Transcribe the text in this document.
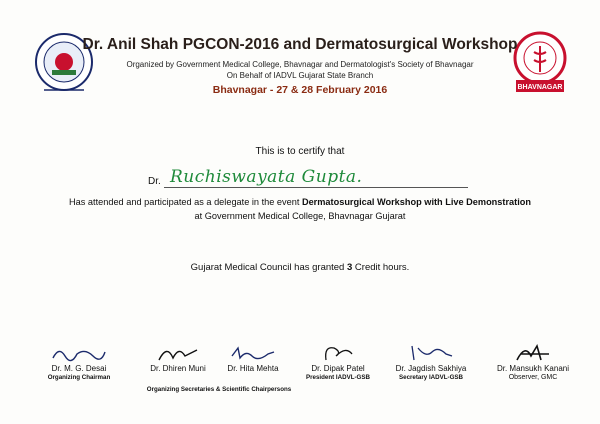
BHAVNAGAR
Dr. Anil Shah PGCON-2016 and Dermatosurgical Workshop
Organized by Government Medical College, Bhavnagar and Dermatologist's Society of Bhavnagar
On Behalf of IADVL Gujarat State Branch
Bhavnagar - 27 & 28 February 2016
This is to certify that
Dr. Ruchiswayata Gupta.
Has attended and participated as a delegate in the event Dermatosurgical Workshop with Live Demonstration
at Government Medical College, Bhavnagar Gujarat
Gujarat Medical Council has granted 3 Credit hours.
Dr. M. G. Desai
Organizing Chairman
Dr. Dhiren Muni	Dr. Hita Mehta
Organizing Secretaries & Scientific Chairpersons
Dr. Dipak Patel
President IADVL-GSB
Dr. Jagdish Sakhiya
Secretary IADVL-GSB
Dr. Mansukh Kanani
Observer, GMC
